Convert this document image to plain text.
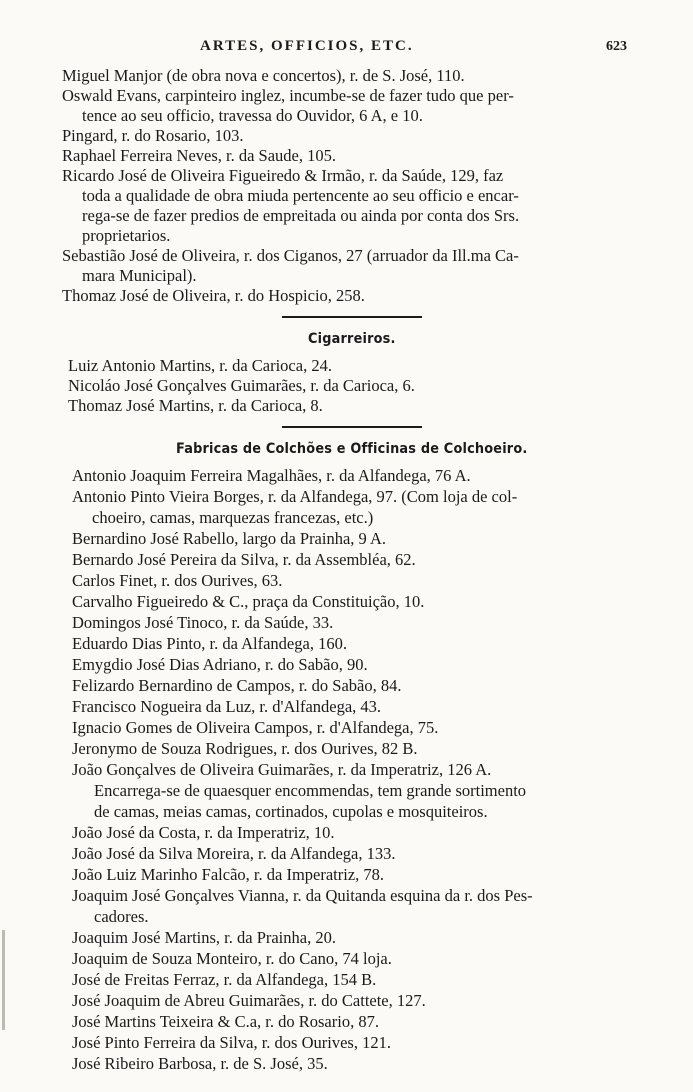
ARTES, OFFICIOS, ETC.	623
Miguel Manjor (de obra nova e concertos), r. de S. José, 110.
Oswald Evans, carpinteiro inglez, incumbe-se de fazer tudo que per-
tence ao seu officio, travessa do Ouvidor, 6 A, e 10.
Pingard, r. do Rosario, 103.
Raphael Ferreira Neves, r. da Saude, 105.
Ricardo José de Oliveira Figueiredo & Irmão, r. da Saúde, 129, faz
toda a qualidade de obra miuda pertencente ao seu officio e encar-
rega-se de fazer predios de empreitada ou ainda por conta dos Srs.
proprietarios.
Sebastião José de Oliveira, r. dos Ciganos, 27 (arruador da Ill.ma Ca-
mara Municipal).
Thomaz José de Oliveira, r. do Hospicio, 258.
Cigarreiros.
Luiz Antonio Martins, r. da Carioca, 24.
Nicoláo José Gonçalves Guimarães, r. da Carioca, 6.
Thomaz José Martins, r. da Carioca, 8.
Fabricas de Colchões e Officinas de Colchoeiro.
Antonio Joaquim Ferreira Magalhães, r. da Alfandega, 76 A.
Antonio Pinto Vieira Borges, r. da Alfandega, 97. (Com loja de col-
choeiro, camas, marquezas francezas, etc.)
Bernardino José Rabello, largo da Prainha, 9 A.
Bernardo José Pereira da Silva, r. da Assembléa, 62.
Carlos Finet, r. dos Ourives, 63.
Carvalho Figueiredo & C., praça da Constituição, 10.
Domingos José Tinoco, r. da Saúde, 33.
Eduardo Dias Pinto, r. da Alfandega, 160.
Emygdio José Dias Adriano, r. do Sabão, 90.
Felizardo Bernardino de Campos, r. do Sabão, 84.
Francisco Nogueira da Luz, r. d'Alfandega, 43.
Ignacio Gomes de Oliveira Campos, r. d'Alfandega, 75.
Jeronymo de Souza Rodrigues, r. dos Ourives, 82 B.
João Gonçalves de Oliveira Guimarães, r. da Imperatriz, 126 A.
Encarrega-se de quaesquer encommendas, tem grande sortimento
de camas, meias camas, cortinados, cupolas e mosquiteiros.
João José da Costa, r. da Imperatriz, 10.
João José da Silva Moreira, r. da Alfandega, 133.
João Luiz Marinho Falcão, r. da Imperatriz, 78.
Joaquim José Gonçalves Vianna, r. da Quitanda esquina da r. dos Pes-
cadores.
Joaquim José Martins, r. da Prainha, 20.
Joaquim de Souza Monteiro, r. do Cano, 74 loja.
José de Freitas Ferraz, r. da Alfandega, 154 B.
José Joaquim de Abreu Guimarães, r. do Cattete, 127.
José Martins Teixeira & C.a, r. do Rosario, 87.
José Pinto Ferreira da Silva, r. dos Ourives, 121.
José Ribeiro Barbosa, r. de S. José, 35.
